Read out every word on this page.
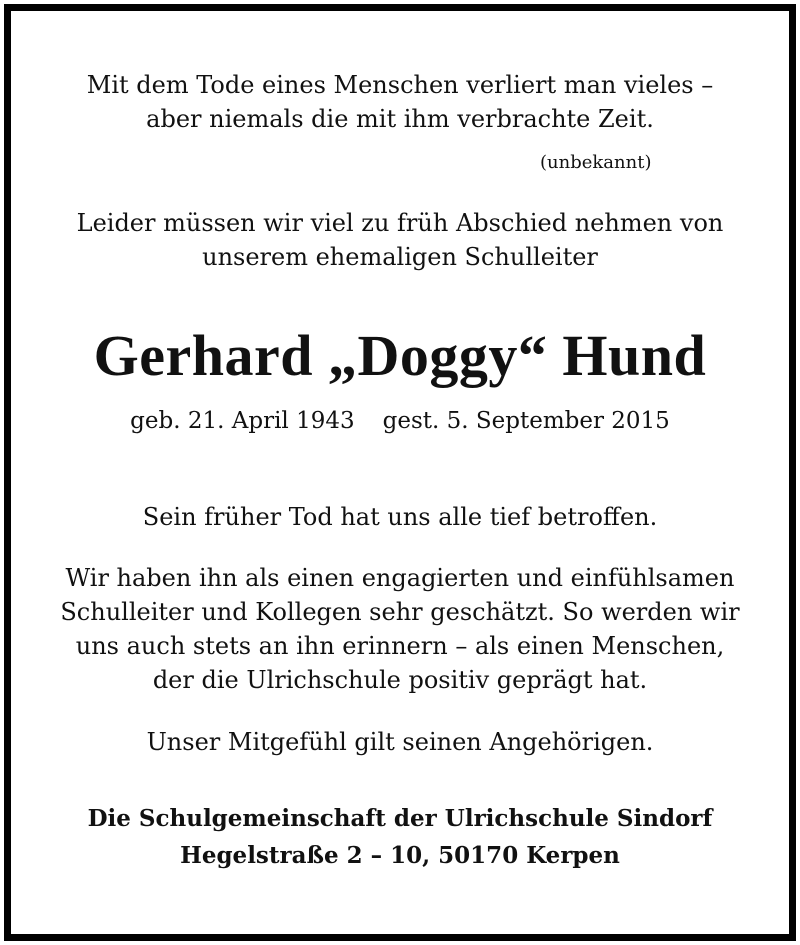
Mit dem Tode eines Menschen verliert man vieles –

aber niemals die mit ihm verbrachte Zeit.

(unbekannt)

Leider müssen wir viel zu früh Abschied nehmen von

unserem ehemaligen Schulleiter

Gerhard „Doggy“ Hund
geb. 21. April 1943 gest. 5. September 2015

Sein früher Tod hat uns alle tief betroffen.

Wir haben ihn als einen engagierten und einfühlsamen

Schulleiter und Kollegen sehr geschätzt. So werden wir

uns auch stets an ihn erinnern – als einen Menschen,

der die Ulrichschule positiv geprägt hat.

Unser Mitgefühl gilt seinen Angehörigen.

Die Schulgemeinschaft der Ulrichschule Sindorf

Hegelstraße 2 – 10, 50170 Kerpen
